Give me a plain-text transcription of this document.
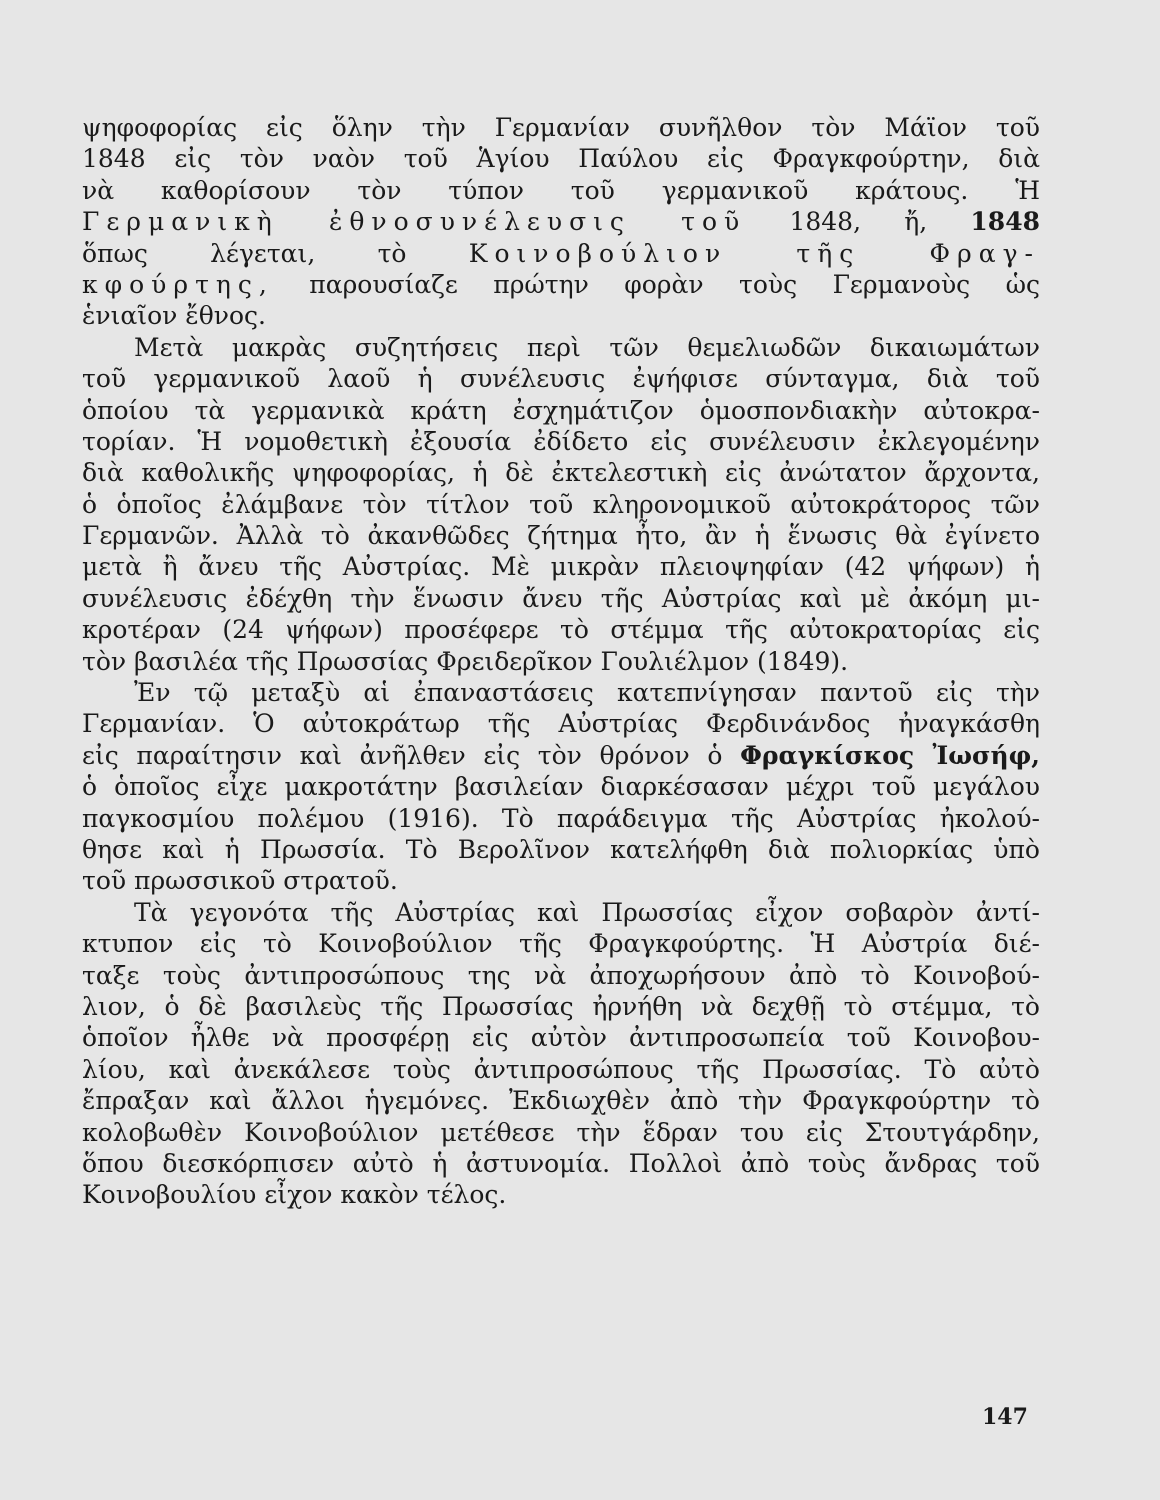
ψηφοφορίας εἰς ὅλην τὴν Γερμανίαν συνῆλθον τὸν Μάϊον τοῦ
1848 εἰς τὸν ναὸν τοῦ Ἁγίου Παύλου εἰς Φραγκφούρτην, διὰ
νὰ καθορίσουν τὸν τύπον τοῦ γερμανικοῦ κράτους. Ἡ
Γερμανικὴ ἐθνοσυνέλευσις τοῦ 1848, ἤ, 1848
ὅπως λέγεται, τὸ Κοινοβούλιον τῆς Φραγ-
κφούρτης, παρουσίαζε πρώτην φορὰν τοὺς Γερμανοὺς ὡς
ἑνιαῖον ἔθνος.
Μετὰ μακρὰς συζητήσεις περὶ τῶν θεμελιωδῶν δικαιωμάτων
τοῦ γερμανικοῦ λαοῦ ἡ συνέλευσις ἐψήφισε σύνταγμα, διὰ τοῦ
ὁποίου τὰ γερμανικὰ κράτη ἐσχημάτιζον ὁμοσπονδιακὴν αὐτοκρα-
τορίαν. Ἡ νομοθετικὴ ἐξουσία ἐδίδετο εἰς συνέλευσιν ἐκλεγομένην
διὰ καθολικῆς ψηφοφορίας, ἡ δὲ ἐκτελεστικὴ εἰς ἀνώτατον ἄρχοντα,
ὁ ὁποῖος ἐλάμβανε τὸν τίτλον τοῦ κληρονομικοῦ αὐτοκράτορος τῶν
Γερμανῶν. Ἀλλὰ τὸ ἀκανθῶδες ζήτημα ἦτο, ἂν ἡ ἕνωσις θὰ ἐγίνετο
μετὰ ἢ ἄνευ τῆς Αὐστρίας. Μὲ μικρὰν πλειοψηφίαν (42 ψήφων) ἡ
συνέλευσις ἐδέχθη τὴν ἕνωσιν ἄνευ τῆς Αὐστρίας καὶ μὲ ἀκόμη μι-
κροτέραν (24 ψήφων) προσέφερε τὸ στέμμα τῆς αὐτοκρατορίας εἰς
τὸν βασιλέα τῆς Πρωσσίας Φρειδερῖκον Γουλιέλμον (1849).
Ἐν τῷ μεταξὺ αἱ ἐπαναστάσεις κατεπνίγησαν παντοῦ εἰς τὴν
Γερμανίαν. Ὁ αὐτοκράτωρ τῆς Αὐστρίας Φερδινάνδος ἠναγκάσθη
εἰς παραίτησιν καὶ ἀνῆλθεν εἰς τὸν θρόνον ὁ Φραγκίσκος Ἰωσήφ,
ὁ ὁποῖος εἶχε μακροτάτην βασιλείαν διαρκέσασαν μέχρι τοῦ μεγάλου
παγκοσμίου πολέμου (1916). Τὸ παράδειγμα τῆς Αὐστρίας ἠκολού-
θησε καὶ ἡ Πρωσσία. Τὸ Βερολῖνον κατελήφθη διὰ πολιορκίας ὑπὸ
τοῦ πρωσσικοῦ στρατοῦ.
Τὰ γεγονότα τῆς Αὐστρίας καὶ Πρωσσίας εἶχον σοβαρὸν ἀντί-
κτυπον εἰς τὸ Κοινοβούλιον τῆς Φραγκφούρτης. Ἡ Αὐστρία διέ-
ταξε τοὺς ἀντιπροσώπους της νὰ ἀποχωρήσουν ἀπὸ τὸ Κοινοβού-
λιον, ὁ δὲ βασιλεὺς τῆς Πρωσσίας ἠρνήθη νὰ δεχθῇ τὸ στέμμα, τὸ
ὁποῖον ἦλθε νὰ προσφέρῃ εἰς αὐτὸν ἀντιπροσωπεία τοῦ Κοινοβου-
λίου, καὶ ἀνεκάλεσε τοὺς ἀντιπροσώπους τῆς Πρωσσίας. Τὸ αὐτὸ
ἔπραξαν καὶ ἄλλοι ἡγεμόνες. Ἐκδιωχθὲν ἀπὸ τὴν Φραγκφούρτην τὸ
κολοβωθὲν Κοινοβούλιον μετέθεσε τὴν ἕδραν του εἰς Στουτγάρδην,
ὅπου διεσκόρπισεν αὐτὸ ἡ ἀστυνομία. Πολλοὶ ἀπὸ τοὺς ἄνδρας τοῦ
Κοινοβουλίου εἶχον κακὸν τέλος.
147
